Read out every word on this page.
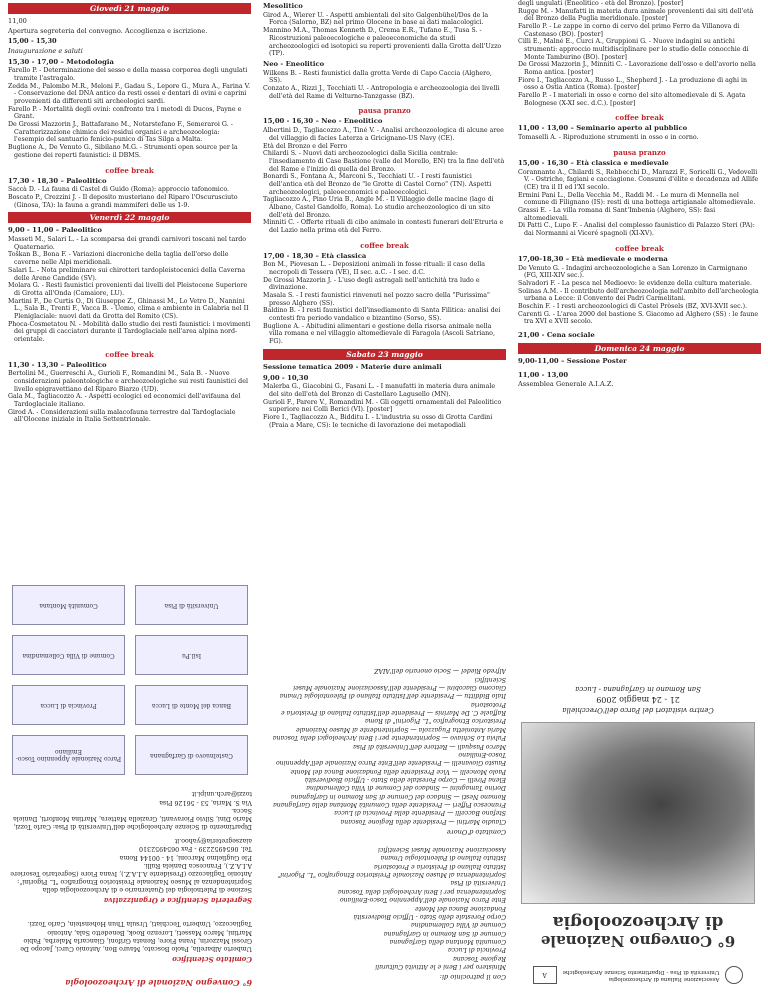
Giovedì 21 maggio
11,00
Apertura segreteria del convegno. Accoglienza e iscrizione.
15,00 - 15,30
Inaugurazione e saluti
15,30 - 17,00 – Metodologia
Farello P. - Determinazione del sesso e della massa corporea degli ungulati tramite l'astragalo.
Zedda M., Palombo M.R., Meloni F., Gadau S., Lepore G., Mura A., Farina V. - Conservazione del DNA antico da resti ossei e dentari di ovini e caprini provenienti da differenti siti archeologici sardi.
Farello P. - Mortalità degli ovini: confronto tra i metodi di Ducos, Payne e Grant.
De Grossi Mazzorin J., Battafarano M., Notarstefano F., Semeraroi G. - Caratterizzazione chimica dei residui organici e archeozoologia: l'esempio del santuario fenicio-punico di Tas Silga a Malta.
Buglione A., De Venuto G., Sibilano M.G. - Strumenti open source per la gestione dei reperti faunistici: il DBMS.
coffee break
17,30 - 18,30 – Paleolitico
Saccà D. - La fauna di Castel di Guido (Roma): approccio tafonomico.
Boscato P., Crezzini J. - Il deposito musteriano del Riparo l'Oscurusciuto (Ginosa, TA): la fauna a grandi mammiferi delle us 1-9.
Venerdì 22 maggio
9,00 - 11,00 – Paleolitico
Masseti M., Salari L. - La scomparsa dei grandi carnivori toscani nel tardo Quaternario.
Toškan B., Bona F. - Variazioni diacroniche della taglia dell'orso delle caverne nelle Alpi meridionali.
Salari L. - Nota preliminare sui chirotteri tardopleistocenici della Caverna delle Arene Candide (SV).
Molara G. - Resti faunistici provenienti dai livelli del Pleistocene Superiore di Grotta all'Onda (Camaiore, LU).
Martini F., De Curtis O., Di Giuseppe Z., Ghinassi M., Lo Vetro D., Nannini L., Sala B., Trenti F., Vacca B. - Uomo, clima e ambiente in Calabria nel II Pleniglaciale: nuovi dati da Grotta del Romito (CS).
Phoca-Cosmetatou N. - Mobilità dallo studio dei resti faunistici: i movimenti dei gruppi di cacciatori durante il Tardoglaciale nell'area alpina nord-orientale.
coffee break
11,30 - 13,30 – Paleolitico
Bertolini M., Guerreschi A., Gurioli F., Romandini M., Sala B. - Nuove considerazioni paleontologiche e archeozoologiche sui resti faunistici del livello epigravettiano del Riparo Biarzo (UD).
Gala M., Tagliacozzo A. - Aspetti ecologici ed economici dell'avifauna del Tardoglaciale italiano.
Girod A. - Considerazioni sulla malacofauna terrestre dal Tardoglaciale all'Olocene iniziale in Italia Settentrionale.
Mesolitico
Girod A., Wierer U. - Aspetti ambientali del sito Galgenbühel/Dos de la Forca (Salorno, BZ) nel primo Olocene in base ai dati malacologici.
Mannino M.A., Thomas Kenneth D., Crema E.R., Tufano E., Tusa S. - Ricostruzioni paleoecologiche e paleoeconomiche da studi archeozoologici ed isotopici su reperti provenienti dalla Grotta dell'Uzzo (TP).
Neo - Eneolitico
Wilkens B. - Resti faunistici dalla grotta Verde di Capo Caccia (Alghero, SS).
Conzato A., Rizzi J., Tecchiati U. - Antropologia e archeozoologia dei livelli dell'età del Rame di Velturno-Tanzgasse (BZ).
pausa pranzo
15,00 - 16,30 – Neo - Eneolitico
Albertini D., Tagliacozzo A., Tiné V. - Analisi archeozoologica di alcune aree del villaggio di facies Laterza a Gricignano-US Navy (CE).
Età del Bronzo e del Ferro
Chilardi S. - Nuovi dati archeozoologici dalla Sicilia centrale: l'insediamento di Case Bastione (valle del Morello, EN) tra la fine dell'età del Rame e l'inizio di quella del Bronzo.
Bonardi S., Fontana A., Marconi S., Tecchiati U. - I resti faunistici dell'antica età del Bronzo de "le Grotte di Castel Corno" (TN). Aspetti archeozoologici, paleoeconomici e paleoecologici.
Tagliacozzo A., Pino Uria B., Angle M. - Il Villaggio delle macine (lago di Albano, Castel Gandolfo, Roma). Lo studio archeozoologico di un sito dell'età del Bronzo.
Minniti C. - Offerte rituali di cibo animale in contesti funerari dell'Etruria e del Lazio nella prima età del Ferro.
coffee break
17,00 - 18,30 – Età classica
Bon M., Piovesan L. - Deposizioni animali in fosse rituali: il caso della necropoli di Tessera (VE), II sec. a.C. - I sec. d.C.
De Grossi Mazzorin J. - L'uso degli astragali nell'antichità tra ludo e divinazione.
Masala S. - I resti faunistici rinvenuti nel pozzo sacro della "Purissima" presso Alghero (SS).
Baldino B. - I resti faunistici dell'insediamento di Santa Filitica: analisi dei contesti fra periodo vandalico e bizantino (Sorso, SS).
Buglione A. - Abitudini alimentari e gestione della risorsa animale nella villa romana e nel villaggio altomedievale di Faragola (Ascoli Satriano, FG).
Sabato 23 maggio
Sessione tematica 2009 - Materie dure animali
9,00 - 10,30
Malerba G., Giacobini G., Fasani L. - I manufatti in materia dura animale del sito dell'età del Bronzo di Castellaro Lagusello (MN).
Gurioli F., Parere V., Romandini M. - Gli oggetti ornamentali del Paleolitico superiore nei Colli Berici (VI). [poster]
Fiore I., Tagliacozzo A., Bidditu I. - L'industria su osso di Grotta Cardini (Praia a Mare, CS): le tecniche di lavorazione dei metapodiali
degli ungulati (Eneolitico - età del Bronzo). [poster]
Rugge M. - Manufatti in materia dura animale provenienti dai siti dell'età del Bronzo della Puglia meridionale. [poster]
Farello P. - Le zappe in corno di cervo del primo Ferro da Villanova di Castenaso (BO). [poster]
Cilli E., Malné E., Curci A., Gruppioni G. - Nuove indagini su antichi strumenti: approccio multidisciplinare per lo studio delle conocchie di Monte Tamburino (BO). [poster]
De Grossi Mazzorin J., Minniti C. - Lavorazione dell'osso e dell'avorio nella Roma antica. [poster]
Fiore I., Tagliacozzo A., Russo L., Shepherd J. - La produzione di aghi in osso a Ostia Antica (Roma). [poster]
Farello P. - I materiali in osso e corno del sito altomedievale di S. Agata Bolognese (X-XI sec. d.C.). [poster]
coffee break
11,00 - 13,00 – Seminario aperto al pubblico
Tomaselli A. - Riproduzione strumenti in osso e in corno.
pausa pranzo
15,00 - 16,30 – Età classica e medievale
Corannante A., Chilardi S., Rebbecchi D., Marazzi F., Soricelli G., Vedovelli V. - Ostriche, fagiani e cacciagione. Consumi d'élite e decadenza ad Allife (CE) tra il II ed l'XI secolo.
Ermini Pani L., Della Vecchia M., Raddi M. - Le mura di Mennella nel comune di Filignano (IS): resti di una bottega artigianale altomedievale.
Grassi E. - La villa romana di Sant'Imbenia (Alghero, SS): fasi altomedievali.
Di Patti C., Lupo F. - Analisi del complesso faunistico di Palazzo Steri (PA): dai Normanni ai Viceré spagnoli (XI-XV).
coffee break
17,00-18,30 – Età medievale e moderna
De Venuto G. - Indagini archeozoologiche a San Lorenzo in Carmignano (FG, XIII-XIV sec.).
Salvadori F. - La pesca nel Medioevo: le evidenze della cultura materiale.
Solinas A.M. - Il contributo dell'archeozoologia nell'ambito dell'archeologia urbana a Lecce: il Convento dei Padri Carmelitani.
Boschin F. - I resti archeozoologici di Castel Pròsels (BZ, XVI-XVII sec.).
Carenti G. - L'area 2000 del bastione S. Giacomo ad Alghero (SS) : le faune tra XVI e XVII secolo.
21,00 - Cena sociale
Domenica 24 maggio
9,00-11,00 – Sessione Poster
11,00 - 13,00
Assemblea Generale A.I.A.Z.
Associazione Italiana di Archeozoologia
Università di Pisa - Dipartimento Scienze Archeologiche
A
6° Convegno Nazionale
di Archeozoologia
Centro visitatori del Parco dell'Orecchiella
21 - 24 maggio 2009
San Romano in Garfagnana - Lucca
Con il patrocinio di:
Ministero per i Beni e le Attività Culturali
Regione Toscana
Provincia di Lucca
Comunità Montana della Garfagnana
Comune di San Romano in Garfagnana
Comune di Villa Collemandina
Corpo Forestale dello Stato - Ufficio Biodiversità
Fondazione Banca del Monte
Ente Parco Nazionale dell'Appennino Tosco-Emiliano
Soprintendenza per i Beni Archeologici della Toscana
Università di Pisa
Soprintendenza al Museo Nazionale Preistorico Etnografico "L. Pigorini"
Istituto Italiano di Preistoria e Protostoria
Istituto Italiano di Paleontologia Umana
Associazione Nazionale Musei Scientifici
Comitato d'Onore
Claudio Martini — Presidente della Regione Toscana
Stefano Baccelli — Presidente della Provincia di Lucca
Francesco Pifferi — Presidente della Comunità Montana della Garfagnana
Romano Nesti — Sindaco del Comune di San Romano in Garfagnana
Dorino Tamagnini — Sindaco del Comune di Villa Collemandina
Elena Pirelli — Corpo Forestale dello Stato - Ufficio Biodiversità
Paolo Moncelli — Vice Presidente della Fondazione Banca del Monte
Fausto Giovanelli — Presidente dell'Ente Parco Nazionale dell'Appennino Tosco-Emiliano
Marco Pasquali — Rettore dell'Università di Pisa
Fulvia Lo Schiavo — Soprintendente per i Beni Archeologici della Toscana
Maria Antonietta Fugazzola — Soprintendente al Museo Nazionale Preistorico Etnografico "L. Pigorini" di Roma
Raffaele C. De Marinis — Presidente dell'Istituto Italiano di Preistoria e Protostoria
Italo Biddittu — Presidente dell'Istituto Italiano di Paleontologia Umana
Giacomo Giacobini — Presidente dell'Associazione Nazionale Musei Scientifici
Alfredo Riedel — Socio onorario dell'AIAZ
6° Convegno Nazionale di Archeozoologia
Comitato Scientifico
Umberto Albarella, Paolo Boscato, Mauro Bon, Antonio Curci, Jacopo De Grossi Mazzorin, Ivana Fiore, Renata Grifoni, Giancarla Malerba, Fabio Martini, Marco Masseti, Lorenzo Rook, Benedetto Sala, Antonio Tagliacozzo, Umberto Tecchiati, Ursula Thun Hohenstein, Carlo Tozzi.
Segreteria Scientifica e Organizzativa
Sezione di Paletnologia del Quaternario e di Archeozoologia della Soprintendenza al Museo Nazionale Preistorico Etnografico "L. Pigorini": Antonio Tagliacozzo (Presidente A.I.A.Z.), Ivana Fiore (Segretario Tesoriere A.I.A.Z.), Francesca Daniela Rulli.
P.le Guglielmo Marconi, 14 - 00144 Roma
Tel. 0654952239 - Fax 0654952310
aiazsegreteria@yahoo.it
Dipartimento di Scienze Archeologiche dell'Università di Pisa: Carlo Tozzi, Mario Dini, Silvio Fioravanti, Graziella Mattera, Martina Monforti, Daniela Sacca.
Via S. Maria, 53 - 56126 Pisa
tozzi@arch.unipi.it
Castelnuovo di Garfagnana
Parco Nazionale Appennino Tosco-Emiliano
Banca del Monte di Lucca
Provincia di Lucca
Isil.Pu
Comune di Villa Collemandina
Università di Pisa
Comunità Montana
